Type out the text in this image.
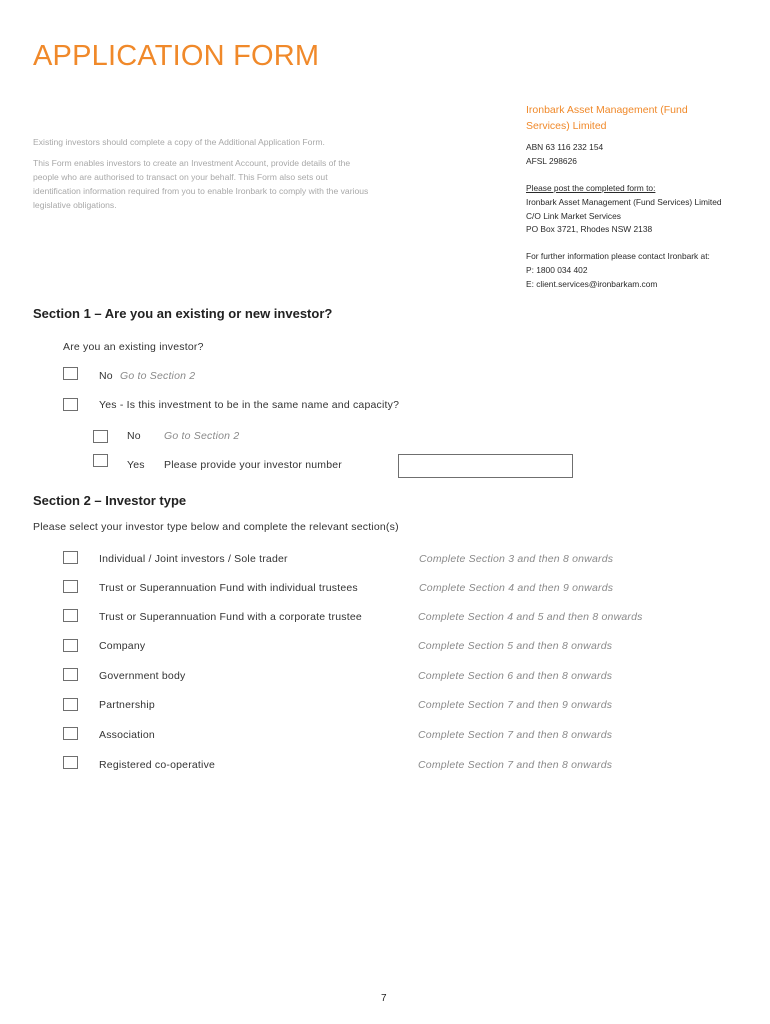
APPLICATION FORM

Existing investors should complete a copy of the Additional Application Form.

This Form enables investors to create an Investment Account, provide details of the people who are authorised to transact on your behalf. This Form also sets out identification information required from you to enable Ironbark to comply with the various legislative obligations.

Ironbark Asset Management (Fund Services) Limited
ABN 63 116 232 154
AFSL 298626
Please post the completed form to:
Ironbark Asset Management (Fund Services) Limited
C/O Link Market Services
PO Box 3721, Rhodes NSW 2138
For further information please contact Ironbark at:
P: 1800 034 402
E: client.services@ironbarkam.com
Section 1 – Are you an existing or new investor?
Are you an existing investor?
No Go to Section 2
Yes - Is this investment to be in the same name and capacity?
No Go to Section 2
Yes Please provide your investor number
Section 2 – Investor type
Please select your investor type below and complete the relevant section(s)
Individual / Joint investors / Sole trader	Complete Section 3 and then 8 onwards
Trust or Superannuation Fund with individual trustees	Complete Section 4 and then 9 onwards
Trust or Superannuation Fund with a corporate trustee	Complete Section 4 and 5 and then 8 onwards
Company	Complete Section 5 and then 8 onwards
Government body	Complete Section 6 and then 8 onwards
Partnership	Complete Section 7 and then 9 onwards
Association	Complete Section 7 and then 8 onwards
Registered co-operative	Complete Section 7 and then 8 onwards
7
